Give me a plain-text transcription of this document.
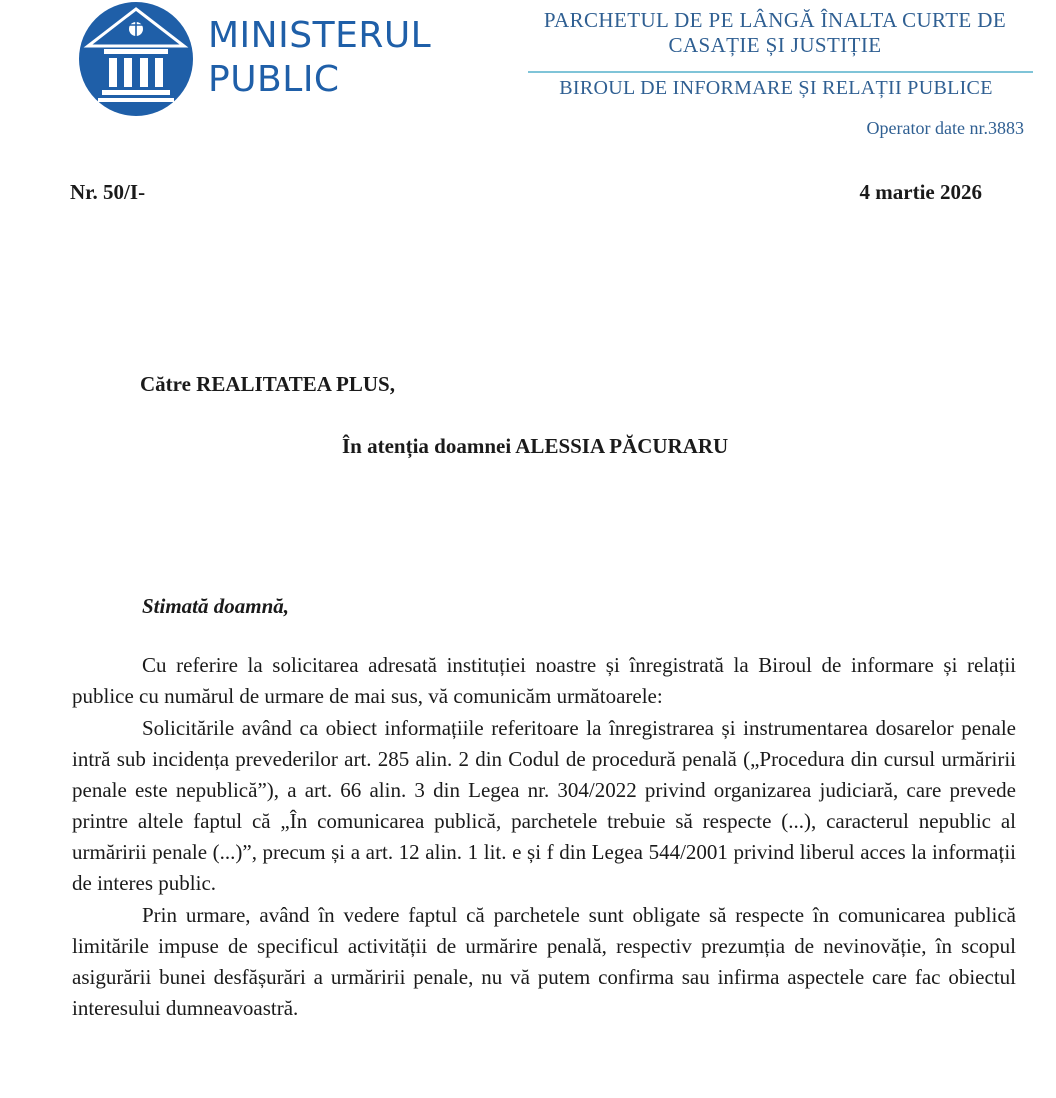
MINISTERUL
PUBLIC
PARCHETUL DE PE LÂNGĂ ÎNALTA CURTE DE CASAȚIE ȘI JUSTIȚIE
BIROUL DE INFORMARE ȘI RELAȚII PUBLICE
Operator date nr.3883
Nr. 50/I-	4 martie 2026
Către REALITATEA PLUS,
În atenția doamnei ALESSIA PĂCURARU
Stimată doamnă,

Cu referire la solicitarea adresată instituției noastre și înregistrată la Biroul de informare și relații publice cu numărul de urmare de mai sus, vă comunicăm următoarele:

Solicitările având ca obiect informațiile referitoare la înregistrarea și instrumentarea dosarelor penale intră sub incidența prevederilor art. 285 alin. 2 din Codul de procedură penală („Procedura din cursul urmăririi penale este nepublică”), a art. 66 alin. 3 din Legea nr. 304/2022 privind organizarea judiciară, care prevede printre altele faptul că „În comunicarea publică, parchetele trebuie să respecte (...), caracterul nepublic al urmăririi penale (...)”, precum și a art. 12 alin. 1 lit. e și f din Legea 544/2001 privind liberul acces la informații de interes public.

Prin urmare, având în vedere faptul că parchetele sunt obligate să respecte în comunicarea publică limitările impuse de specificul activității de urmărire penală, respectiv prezumția de nevinovăție, în scopul asigurării bunei desfășurări a urmăririi penale, nu vă putem confirma sau infirma aspectele care fac obiectul interesului dumneavoastră.
